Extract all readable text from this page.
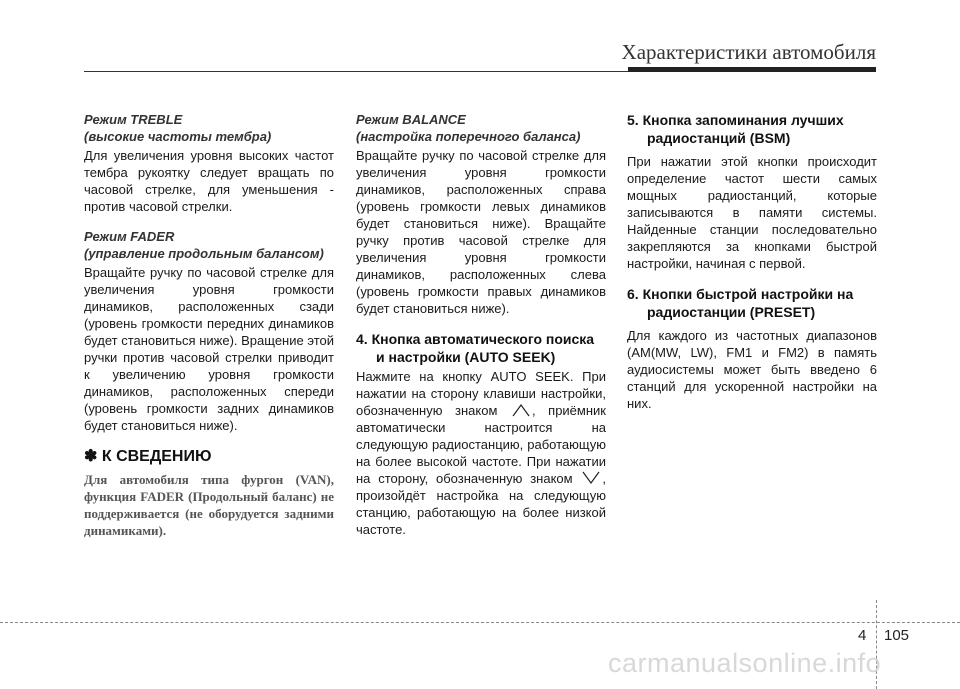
Характеристики автомобиля

Режим TREBLE

(высокие частоты тембра)

Для увеличения уровня высоких частот тембра рукоятку следует вращать по часовой стрелке, для уменьшения - против часовой стрелки.

Режим FADER

(управление продольным балансом)

Вращайте ручку по часовой стрелке для увеличения уровня громкости динамиков, расположенных сзади (уровень громкости передних динамиков будет становиться ниже). Вращение этой ручки против часовой стрелки приводит к увеличению уровня громкости динамиков, расположенных спереди (уровень громкости задних динамиков будет становиться ниже).

✽ К СВЕДЕНИЮ

Для автомобиля типа фургон (VAN), функция FADER (Продольный баланс) не поддерживается (не оборудуется задними динамиками).

Режим BALANCE

(настройка поперечного баланса)

Вращайте ручку по часовой стрелке для увеличения уровня громкости динамиков, расположенных справа (уровень громкости левых динамиков будет становиться ниже). Вращайте ручку против часовой стрелке для увеличения уровня громкости динамиков, расположенных слева (уровень громкости правых динамиков будет становиться ниже).

4. Кнопка автоматического поиска и настройки (AUTO SEEK)

Нажмите на кнопку AUTO SEEK. При нажатии на сторону клавиши настройки, обозначенную знаком
, приёмник автоматически настроится на следующую радиостанцию, работающую на более высокой частоте. При нажатии на сторону, обозначенную знаком
, произойдёт настройка на следующую станцию, работающую на более низкой частоте.

5. Кнопка запоминания лучших радиостанций (BSM)

При нажатии этой кнопки происходит определение частот шести самых мощных радиостанций, которые записываются в памяти системы. Найденные станции последовательно закрепляются за кнопками быстрой настройки, начиная с первой.

6. Кнопки быстрой настройки на радиостанции (PRESET)

Для каждого из частотных диапазонов (AM(MW, LW), FM1 и FM2) в память аудиосистемы может быть введено 6 станций для ускоренной настройки на них.

4 105
carmanualsonline.info
